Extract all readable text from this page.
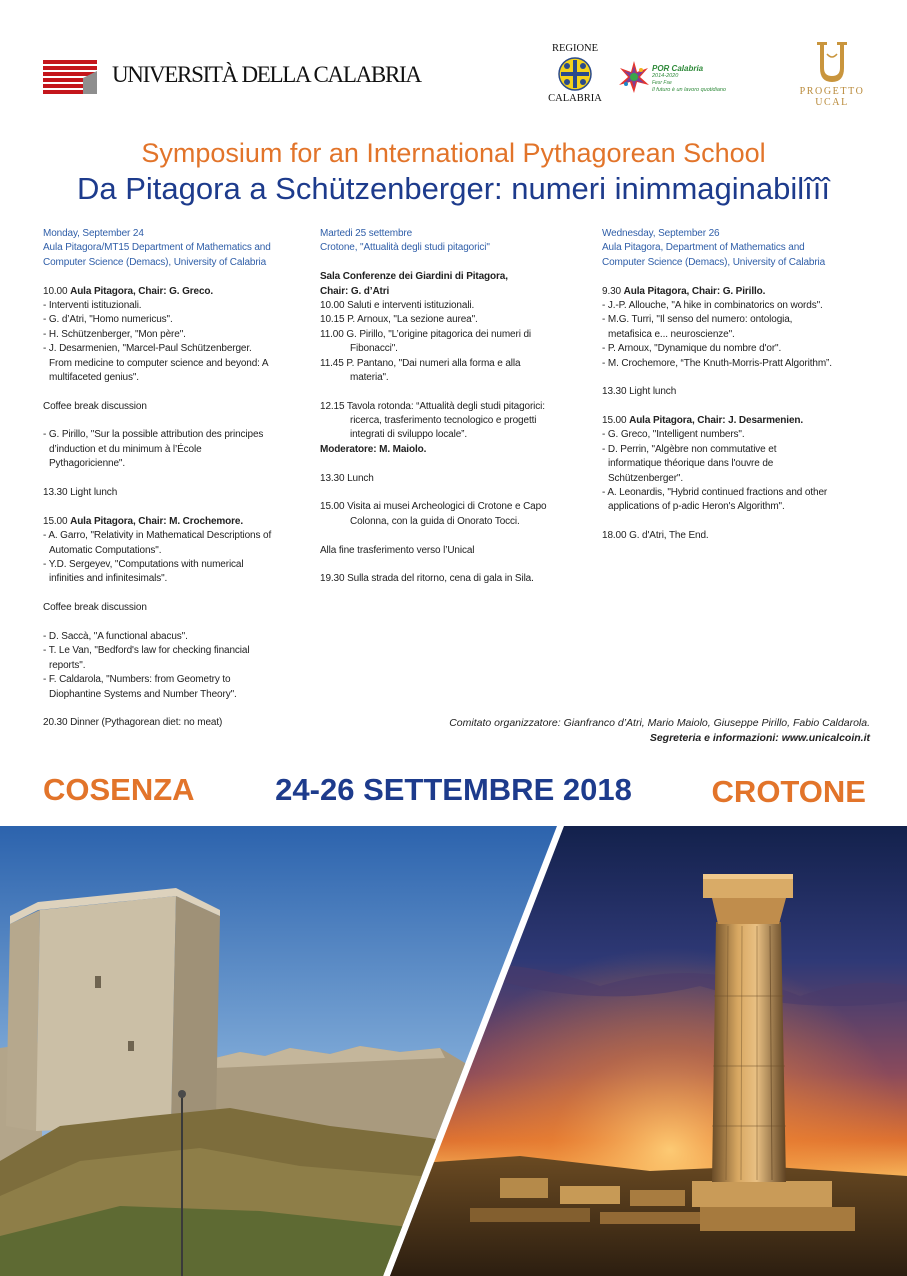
UNIVERSITÀ DELLA CALABRIA
REGIONE
CALABRIA
POR Calabria
2014-2020
Fesr Fse
Il futuro è un lavoro quotidiano	PROGETTO
UCAL
Symposium for an International Pythagorean School
Da Pitagora a Schützenberger: numeri inimmaginabilîîî
Monday, September 24
Aula Pitagora/MT15 Department of Mathematics and
Computer Science (Demacs), University of Calabria
10.00 Aula Pitagora, Chair: G. Greco.
- Interventi istituzionali.
- G. d’Atri, "Homo numericus".
- H. Schützenberger, "Mon père".
- J. Desarmenien, "Marcel-Paul Schützenberger.
From medicine to computer science and beyond: A
multifaceted genius".
Coffee break discussion
- G. Pirillo, "Sur la possible attribution des principes
d’induction et du minimum à l’École
Pythagoricienne".
13.30 Light lunch
15.00 Aula Pitagora, Chair: M. Crochemore.
- A. Garro, "Relativity in Mathematical Descriptions of
Automatic Computations".
- Y.D. Sergeyev, "Computations with numerical
infinities and infinitesimals".
Coffee break discussion
- D. Saccà, "A functional abacus".
- T. Le Van, "Bedford's law for checking financial
reports".
- F. Caldarola, "Numbers: from Geometry to
Diophantine Systems and Number Theory".
20.30 Dinner (Pythagorean diet: no meat)
Martedi 25 settembre
Crotone, "Attualità degli studi pitagorici"
Sala Conferenze dei Giardini di Pitagora,
Chair: G. d’Atri
10.00 Saluti e interventi istituzionali.
10.15 P. Arnoux, "La sezione aurea".
11.00 G. Pirillo, "L’origine pitagorica dei numeri di
Fibonacci".
11.45 P. Pantano, "Dai numeri alla forma e alla
materia".
12.15 Tavola rotonda: “Attualità degli studi pitagorici:
ricerca, trasferimento tecnologico e progetti
integrati di sviluppo locale”.
Moderatore: M. Maiolo.
13.30 Lunch
15.00 Visita ai musei Archeologici di Crotone e Capo
Colonna, con la guida di Onorato Tocci.
Alla fine trasferimento verso l’Unical
19.30 Sulla strada del ritorno, cena di gala in Sila.
Wednesday, September 26
Aula Pitagora, Department of Mathematics and
Computer Science (Demacs), University of Calabria
9.30 Aula Pitagora, Chair: G. Pirillo.
- J.-P. Allouche, "A hike in combinatorics on words".
- M.G. Turri, "Il senso del numero: ontologia,
metafisica e... neuroscienze".
- P. Arnoux, "Dynamique du nombre d'or".
- M. Crochemore, “The Knuth-Morris-Pratt Algorithm”.
13.30 Light lunch
15.00 Aula Pitagora, Chair: J. Desarmenien.
- G. Greco, "Intelligent numbers".
- D. Perrin, "Algèbre non commutative et
informatique théorique dans l'ouvre de
Schützenberger".
- A. Leonardis, "Hybrid continued fractions and other
applications of p-adic Heron's Algorithm".
18.00 G. d'Atri, The End.
Comitato organizzatore: Gianfranco d’Atri, Mario Maiolo, Giuseppe Pirillo, Fabio Caldarola.
Segreteria e informazioni: www.unicalcoin.it
COSENZA	24-26 SETTEMBRE 2018	CROTONE
